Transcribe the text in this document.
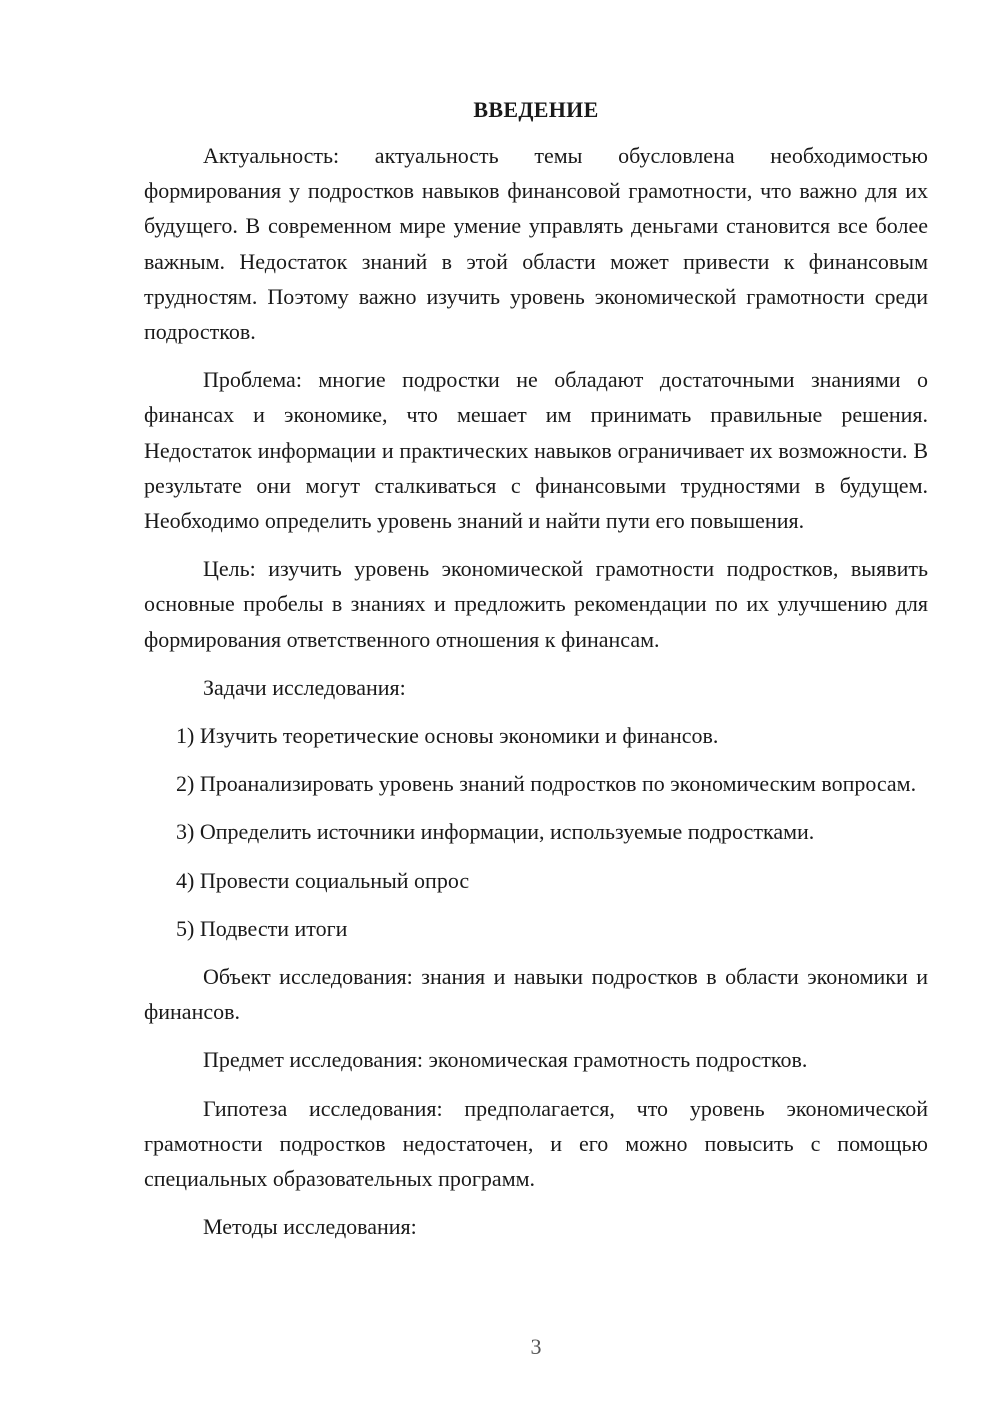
ВВЕДЕНИЕ

Актуальность: актуальность темы обусловлена необходимостью формирования у подростков навыков финансовой грамотности, что важно для их будущего. В современном мире умение управлять деньгами становится все более важным. Недостаток знаний в этой области может привести к финансовым трудностям. Поэтому важно изучить уровень экономической грамотности среди подростков.

Проблема: многие подростки не обладают достаточными знаниями о финансах и экономике, что мешает им принимать правильные решения. Недостаток информации и практических навыков ограничивает их возможности. В результате они могут сталкиваться с финансовыми трудностями в будущем. Необходимо определить уровень знаний и найти пути его повышения.

Цель: изучить уровень экономической грамотности подростков, выявить основные пробелы в знаниях и предложить рекомендации по их улучшению для формирования ответственного отношения к финансам.

Задачи исследования:

1) Изучить теоретические основы экономики и финансов.

2) Проанализировать уровень знаний подростков по экономическим вопросам.

3) Определить источники информации, используемые подростками.

4) Провести социальный опрос

5) Подвести итоги

Объект исследования: знания и навыки подростков в области экономики и финансов.

Предмет исследования: экономическая грамотность подростков.

Гипотеза исследования: предполагается, что уровень экономической грамотности подростков недостаточен, и его можно повысить с помощью специальных образовательных программ.

Методы исследования:

3
